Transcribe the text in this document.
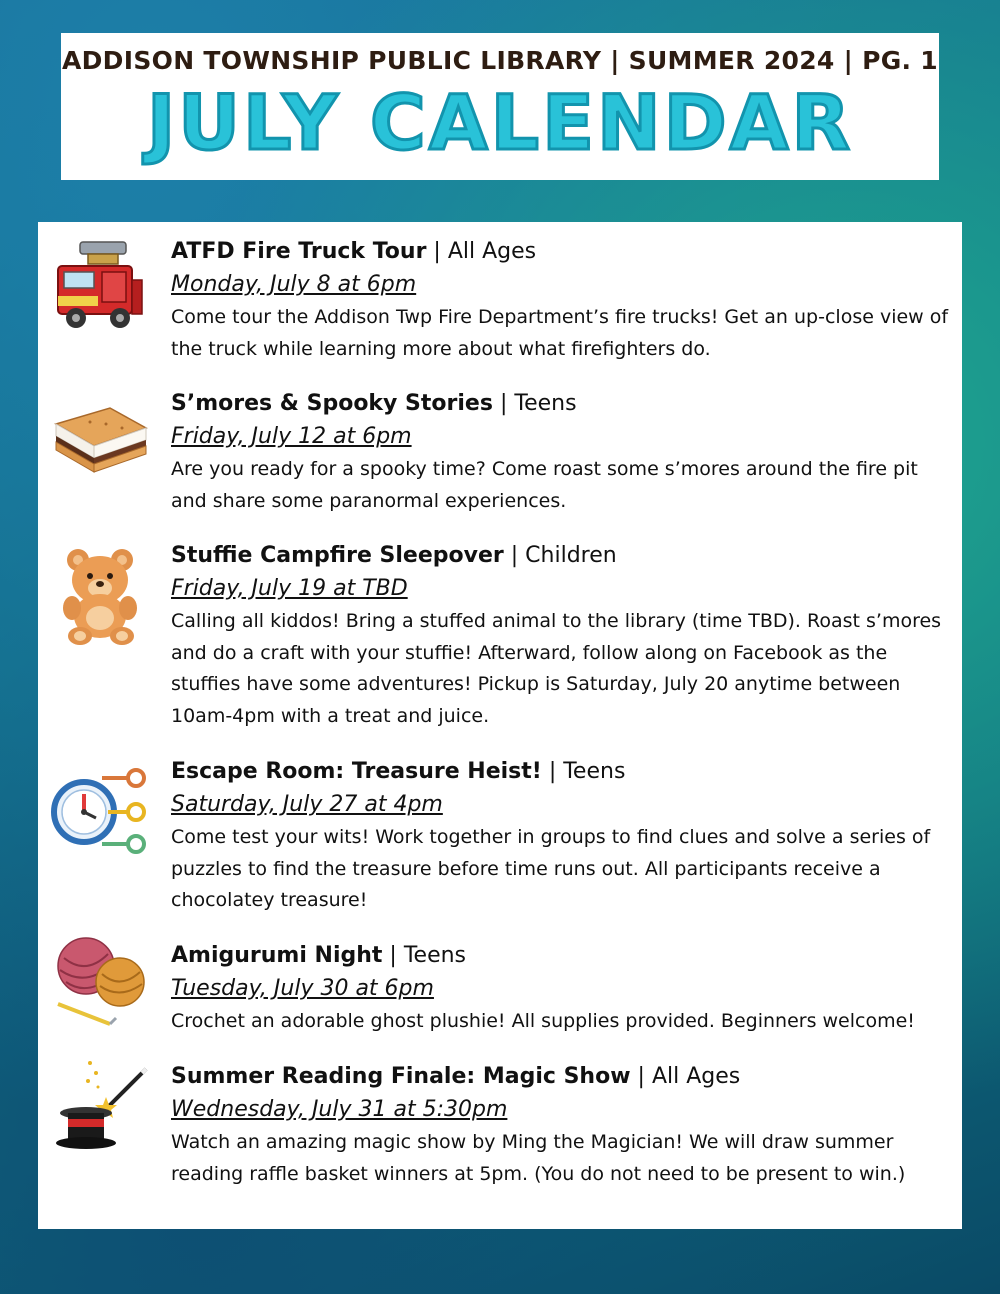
ADDISON TOWNSHIP PUBLIC LIBRARY | SUMMER 2024 | PG. 1

JULY CALENDAR

ATFD Fire Truck Tour | All Ages

Monday, July 8 at 6pm

Come tour the Addison Twp Fire Department’s fire trucks! Get an up-close view of the truck while learning more about what firefighters do.

S’mores & Spooky Stories | Teens

Friday, July 12 at 6pm

Are you ready for a spooky time? Come roast some s’mores around the fire pit and share some paranormal experiences.

Stuffie Campfire Sleepover | Children

Friday, July 19 at TBD

Calling all kiddos! Bring a stuffed animal to the library (time TBD). Roast s’mores and do a craft with your stuffie! Afterward, follow along on Facebook as the stuffies have some adventures! Pickup is Saturday, July 20 anytime between 10am-4pm with a treat and juice.

Escape Room: Treasure Heist! | Teens

Saturday, July 27 at 4pm

Come test your wits! Work together in groups to find clues and solve a series of puzzles to find the treasure before time runs out. All participants receive a chocolatey treasure!

Amigurumi Night | Teens

Tuesday, July 30 at 6pm

Crochet an adorable ghost plushie! All supplies provided. Beginners welcome!

Summer Reading Finale: Magic Show | All Ages

Wednesday, July 31 at 5:30pm

Watch an amazing magic show by Ming the Magician! We will draw summer reading raffle basket winners at 5pm. (You do not need to be present to win.)
